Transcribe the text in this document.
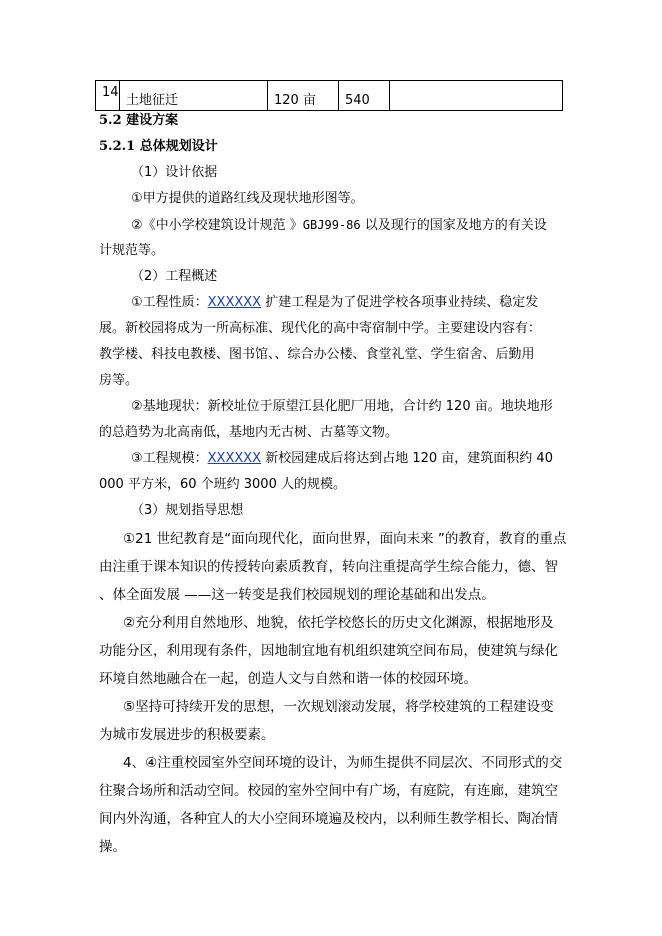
14	土地征迁	120 亩	540	
5.2 建设方案
5.2.1 总体规划设计
（1）设计依据
①甲方提供的道路红线及现状地形图等。
②《中小学校建筑设计规范 》GBJ99-86 以及现行的国家及地方的有关设
计规范等。
（2）工程概述
①工程性质：XXXXXX 扩建工程是为了促进学校各项事业持续、稳定发
展。新校园将成为一所高标准、现代化的高中寄宿制中学。主要建设内容有：
教学楼、科技电教楼、图书馆、、综合办公楼、食堂礼堂、学生宿舍、后勤用
房等。
②基地现状：新校址位于原望江县化肥厂用地，合计约 120 亩。地块地形
的总趋势为北高南低，基地内无古树、古墓等文物。
③工程规模：XXXXXX 新校园建成后将达到占地 120 亩，建筑面积约 40
000 平方米，60 个班约 3000 人的规模。
（3）规划指导思想
①21 世纪教育是“面向现代化，面向世界，面向未来 ”的教育，教育的重点
由注重于课本知识的传授转向素质教育，转向注重提高学生综合能力，德、智
、体全面发展 ——这一转变是我们校园规划的理论基础和出发点。
②充分利用自然地形、地貌，依托学校悠长的历史文化渊源，根据地形及
功能分区，利用现有条件，因地制宜地有机组织建筑空间布局，使建筑与绿化
环境自然地融合在一起，创造人文与自然和谐一体的校园环境。
⑤坚持可持续开发的思想，一次规划滚动发展，将学校建筑的工程建设变
为城市发展进步的积极要素。
4、④注重校园室外空间环境的设计，为师生提供不同层次、不同形式的交
往聚合场所和活动空间。校园的室外空间中有广场，有庭院，有连廊，建筑空
间内外沟通，各种宜人的大小空间环境遍及校内，以利师生教学相长、陶冶情
操。
